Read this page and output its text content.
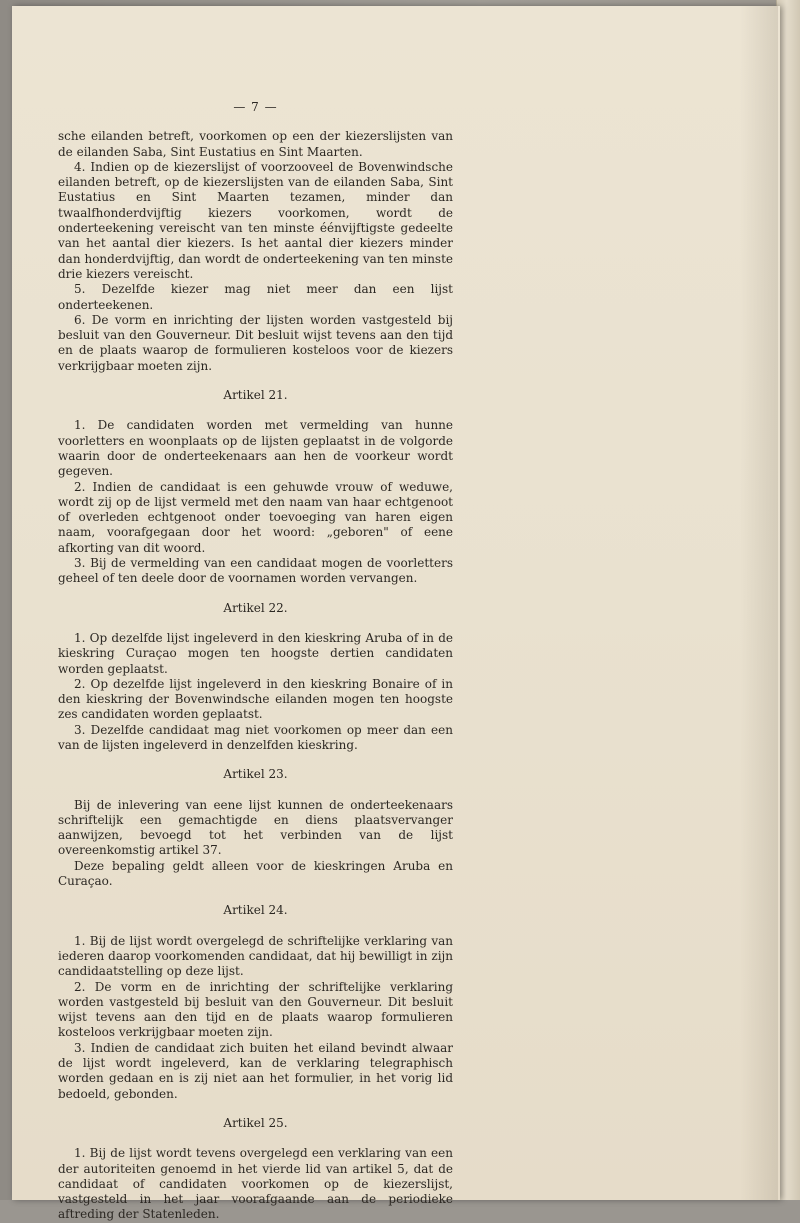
— 7 —

sche eilanden betreft, voorkomen op een der kiezerslijsten van de eilanden Saba, Sint Eustatius en Sint Maarten.

4. Indien op de kiezerslijst of voorzooveel de Bovenwindsche eilanden betreft, op de kiezerslijsten van de eilanden Saba, Sint Eustatius en Sint Maarten tezamen, minder dan twaalfhonderdvijftig kiezers voorkomen, wordt de onderteekening vereischt van ten minste éénvijftigste gedeelte van het aantal dier kiezers. Is het aantal dier kiezers minder dan honderdvijftig, dan wordt de onderteekening van ten minste drie kiezers vereischt.

5. Dezelfde kiezer mag niet meer dan een lijst onderteekenen.

6. De vorm en inrichting der lijsten worden vastgesteld bij besluit van den Gouverneur. Dit besluit wijst tevens aan den tijd en de plaats waarop de formulieren kosteloos voor de kiezers verkrijgbaar moeten zijn.

Artikel 21.

1. De candidaten worden met vermelding van hunne voorletters en woonplaats op de lijsten geplaatst in de volgorde waarin door de onderteekenaars aan hen de voorkeur wordt gegeven.

2. Indien de candidaat is een gehuwde vrouw of weduwe, wordt zij op de lijst vermeld met den naam van haar echtgenoot of overleden echtgenoot onder toevoeging van haren eigen naam, voorafgegaan door het woord: „geboren" of eene afkorting van dit woord.

3. Bij de vermelding van een candidaat mogen de voorletters geheel of ten deele door de voornamen worden vervangen.

Artikel 22.

1. Op dezelfde lijst ingeleverd in den kieskring Aruba of in de kieskring Curaçao mogen ten hoogste dertien candidaten worden geplaatst.

2. Op dezelfde lijst ingeleverd in den kieskring Bonaire of in den kieskring der Bovenwindsche eilanden mogen ten hoogste zes candidaten worden geplaatst.

3. Dezelfde candidaat mag niet voorkomen op meer dan een van de lijsten ingeleverd in denzelfden kieskring.

Artikel 23.

Bij de inlevering van eene lijst kunnen de onderteekenaars schriftelijk een gemachtigde en diens plaatsvervanger aanwijzen, bevoegd tot het verbinden van de lijst overeenkomstig artikel 37.

Deze bepaling geldt alleen voor de kieskringen Aruba en Curaçao.

Artikel 24.

1. Bij de lijst wordt overgelegd de schriftelijke verklaring van iederen daarop voorkomenden candidaat, dat hij bewilligt in zijn candidaatstelling op deze lijst.

2. De vorm en de inrichting der schriftelijke verklaring worden vastgesteld bij besluit van den Gouverneur. Dit besluit wijst tevens aan den tijd en de plaats waarop formulieren kosteloos verkrijgbaar moeten zijn.

3. Indien de candidaat zich buiten het eiland bevindt alwaar de lijst wordt ingeleverd, kan de verklaring telegraphisch worden gedaan en is zij niet aan het formulier, in het vorig lid bedoeld, gebonden.

Artikel 25.

1. Bij de lijst wordt tevens overgelegd een verklaring van een der autoriteiten genoemd in het vierde lid van artikel 5, dat de candidaat of candidaten voorkomen op de kiezerslijst, vastgesteld in het jaar voorafgaande aan de periodieke aftreding der Statenleden.
